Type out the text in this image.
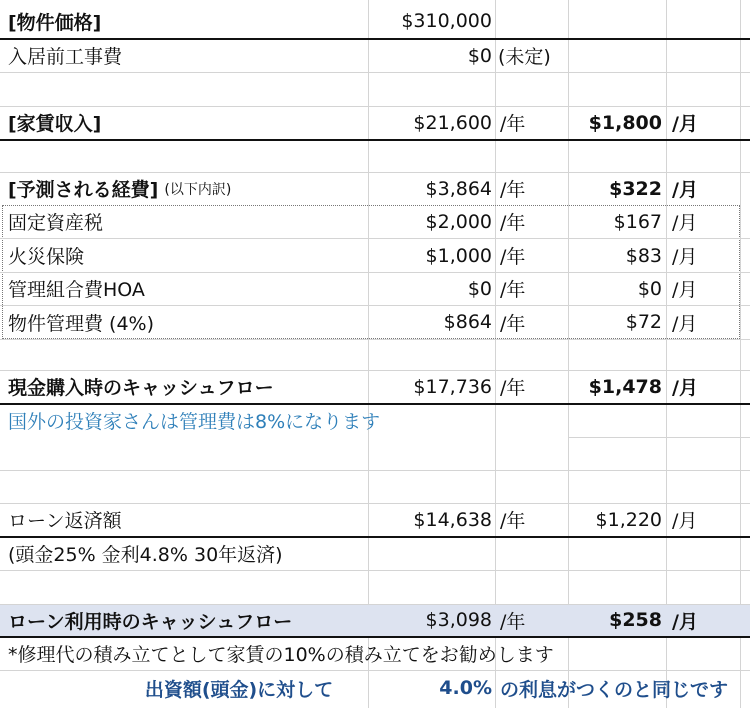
[物件価格]	$310,000
入居前工事費	$0 (未定)
[家賃収入]	$21,600 /年	$1,800 /月
[予測される経費] (以下内訳)	$3,864 /年	$322 /月
固定資産税	$2,000 /年	$167 /月
火災保険	$1,000 /年	$83 /月
管理組合費HOA	$0 /年	$0 /月
物件管理費 (4%)	$864 /年	$72 /月
現金購入時のキャッシュフロー	$17,736 /年	$1,478 /月
国外の投資家さんは管理費は8%になります
ローン返済額	$14,638 /年	$1,220 /月
(頭金25% 金利4.8% 30年返済)
ローン利用時のキャッシュフロー	$3,098 /年	$258 /月
*修理代の積み立てとして家賃の10%の積み立てをお勧めします
出資額(頭金)に対して	4.0% の利息がつくのと同じです
